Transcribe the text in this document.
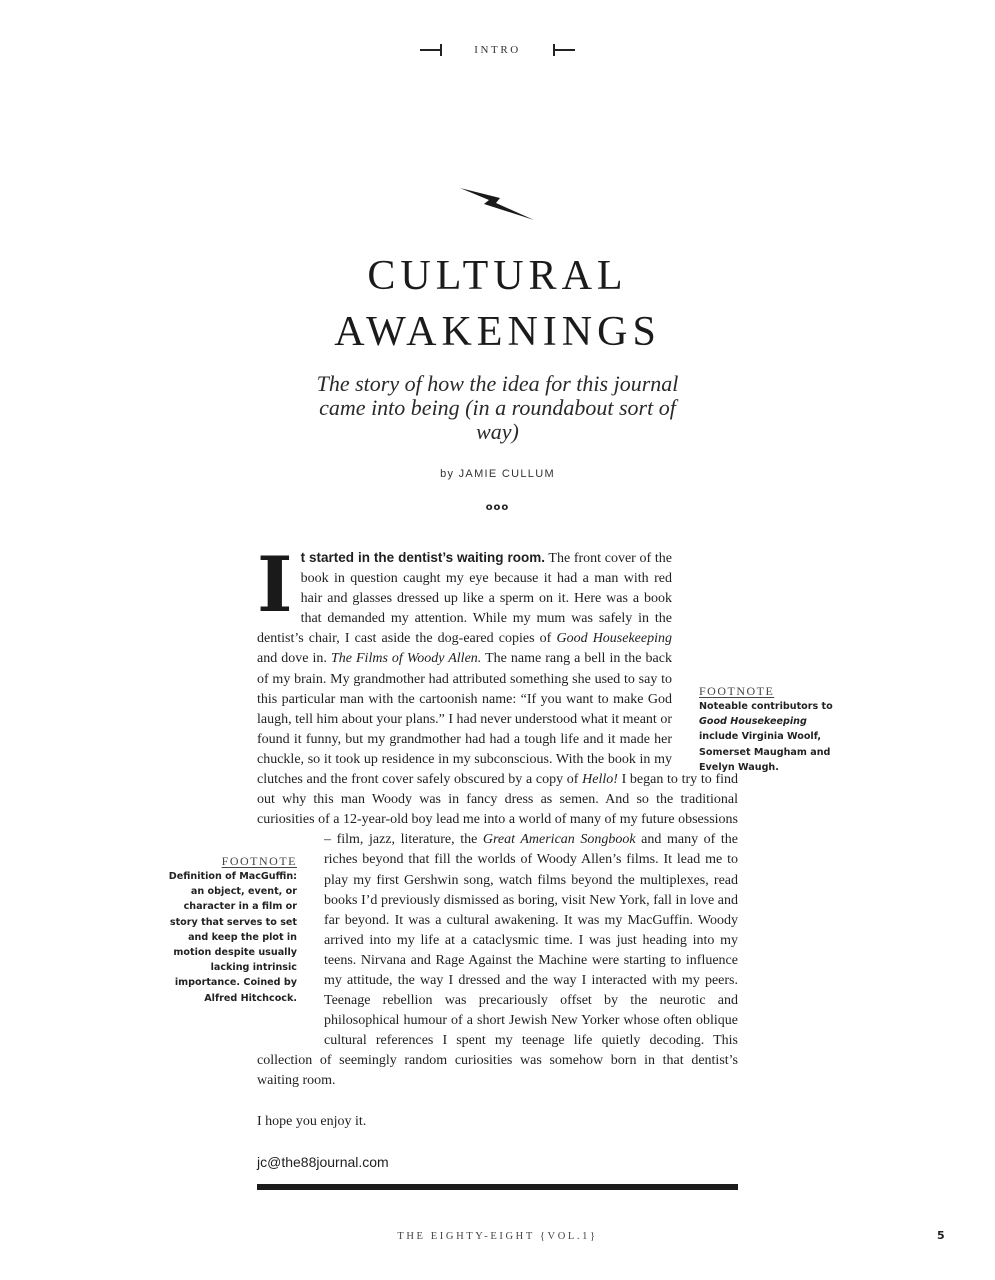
INTRO
CULTURAL
AWAKENINGS
The story of how the idea for this journal came into being (in a roundabout sort of way)
by JAMIE CULLUM
ooo
I t started in the dentist’s waiting room. The front cover of the book in question caught my eye because it had a man with red hair and glasses dressed up like a sperm on it. Here was a book that demanded my attention. While my mum was safely in the dentist’s chair, I cast aside the dog-eared copies of Good Housekeeping and dove in. The Films of Woody Allen. The name rang a bell in the back of my brain. My grandmother had attributed something she used to say to this particular man with the cartoonish name: “If you want to make God laugh, tell him about your plans.” I had never understood what it meant or found it funny, but my grandmother had had a tough life and it made her chuckle, so it took up residence in my subconscious. With the book in my clutches and the front cover safely obscured by a copy of Hello! I began to try to find out why this man Woody was in fancy dress as semen. And so the traditional curiosities of a 12-year-old boy lead me into a world of many of my future obsessions – film, jazz, literature, the
Great American Songbook and many of the riches beyond that fill the worlds of Woody Allen’s films. It lead me to play my first Gershwin song, watch films beyond the multiplexes, read books I’d previously dismissed as boring, visit New York, fall in love and far beyond. It was a cultural awakening. It was my MacGuffin. Woody arrived into my life at a cataclysmic time. I was just heading into my teens. Nirvana and Rage Against the Machine were starting to influence my attitude, the way I dressed and the way I interacted with my peers. Teenage rebellion was precariously offset by the neurotic and philosophical humour of a short Jewish New Yorker whose often oblique cultural references I spent my teenage life quietly decoding. This collection of seemingly random curiosities was somehow born in that dentist’s waiting room.

I hope you enjoy it.

jc@the88journal.com

FOOTNOTE
Noteable contributors to Good Housekeeping include Virginia Woolf, Somerset Maugham and Evelyn Waugh.
FOOTNOTE
Definition of MacGuffin: an object, event, or character in a film or story that serves to set and keep the plot in motion despite usually lacking intrinsic importance. Coined by Alfred Hitchcock.
THE EIGHTY-EIGHT {VOL.1}	5
